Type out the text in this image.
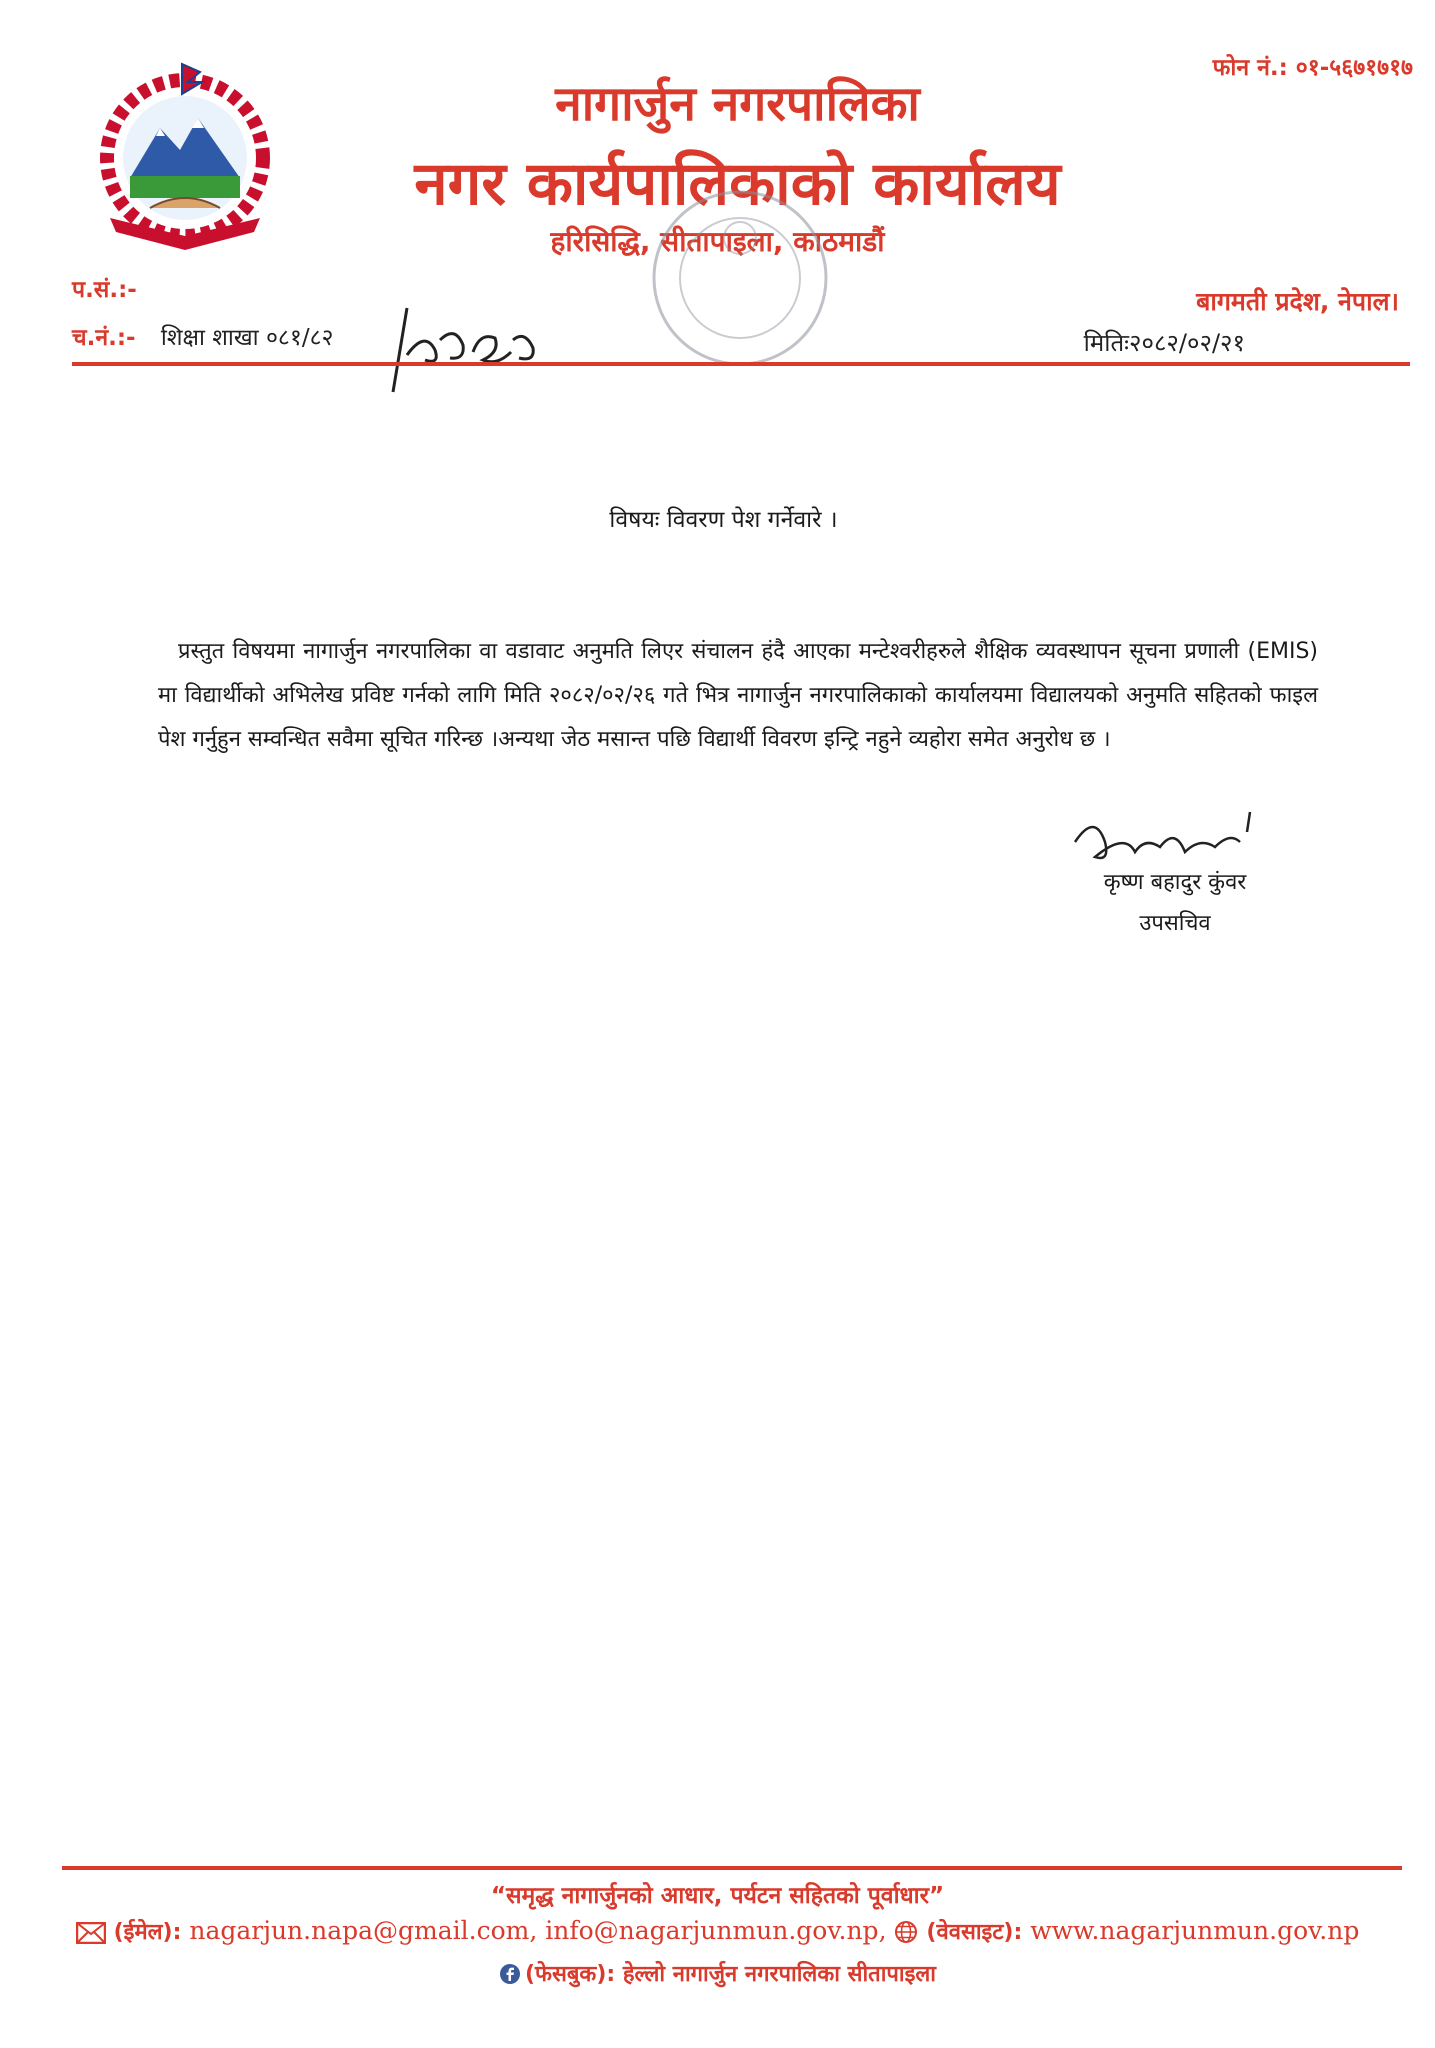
फोन नं.: ०१-५६७१७१७
नागार्जुन नगरपालिका
नगर कार्यपालिकाको कार्यालय
हरिसिद्धि, सीतापाइला, काठमाडौं
प.सं.:-
च.नं.:- शिक्षा शाखा ०८१/८२
बागमती प्रदेश, नेपाल।
मितिः२०८२/०२/२१
विषयः विवरण पेश गर्नेवारे ।

प्रस्तुत विषयमा नागार्जुन नगरपालिका वा वडावाट अनुमति लिएर संचालन हंदै आएका मन्टेश्वरीहरुले शैक्षिक व्यवस्थापन सूचना प्रणाली (EMIS) मा विद्यार्थीको अभिलेख प्रविष्ट गर्नको लागि मिति २०८२/०२/२६ गते भित्र नागार्जुन नगरपालिकाको कार्यालयमा विद्यालयको अनुमति सहितको फाइल पेश गर्नुहुन सम्वन्धित सवैमा सूचित गरिन्छ ।अन्यथा जेठ मसान्त पछि विद्यार्थी विवरण इन्ट्रि नहुने व्यहोरा समेत अनुरोध छ ।

कृष्ण बहादुर कुंवर
उपसचिव
“समृद्ध नागार्जुनको आधार, पर्यटन सहितको पूर्वाधार”
(ईमेल): nagarjun.napa@gmail.com, info@nagarjunmun.gov.np, (वेवसाइट): www.nagarjunmun.gov.np
(फेसबुक): हेल्लो नागार्जुन नगरपालिका सीतापाइला
